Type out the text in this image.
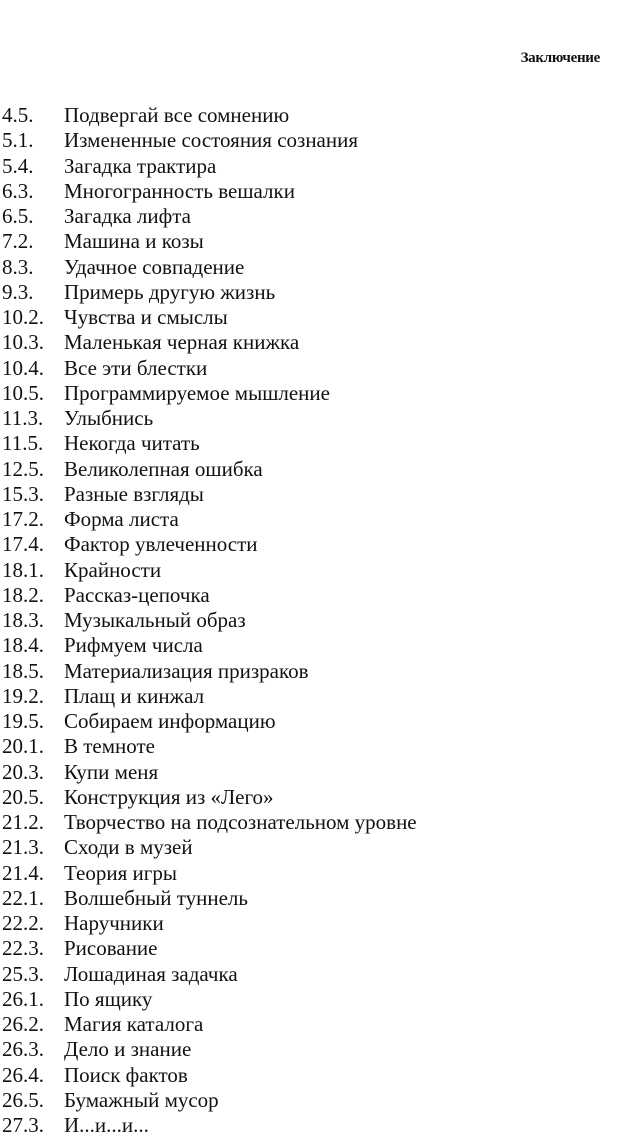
Заключение
4.5.	Подвергай все сомнению
5.1.	Измененные состояния сознания
5.4.	Загадка трактира
6.3.	Многогранность вешалки
6.5.	Загадка лифта
7.2.	Машина и козы
8.3.	Удачное совпадение
9.3.	Примерь другую жизнь
10.2. Чувства и смыслы
10.3. Маленькая черная книжка
10.4. Все эти блестки
10.5. Программируемое мышление
11.3. Улыбнись
11.5. Некогда читать
12.5. Великолепная ошибка
15.3. Разные взгляды
17.2. Форма листа
17.4. Фактор увлеченности
18.1. Крайности
18.2. Рассказ-цепочка
18.3. Музыкальный образ
18.4. Рифмуем числа
18.5. Материализация призраков
19.2. Плащ и кинжал
19.5. Собираем информацию
20.1. В темноте
20.3. Купи меня
20.5. Конструкция из «Лего»
21.2. Творчество на подсознательном уровне
21.3. Сходи в музей
21.4. Теория игры
22.1. Волшебный туннель
22.2. Наручники
22.3. Рисование
25.3. Лошадиная задачка
26.1. По ящику
26.2. Магия каталога
26.3. Дело и знание
26.4. Поиск фактов
26.5. Бумажный мусор
27.3. И...и...и...
